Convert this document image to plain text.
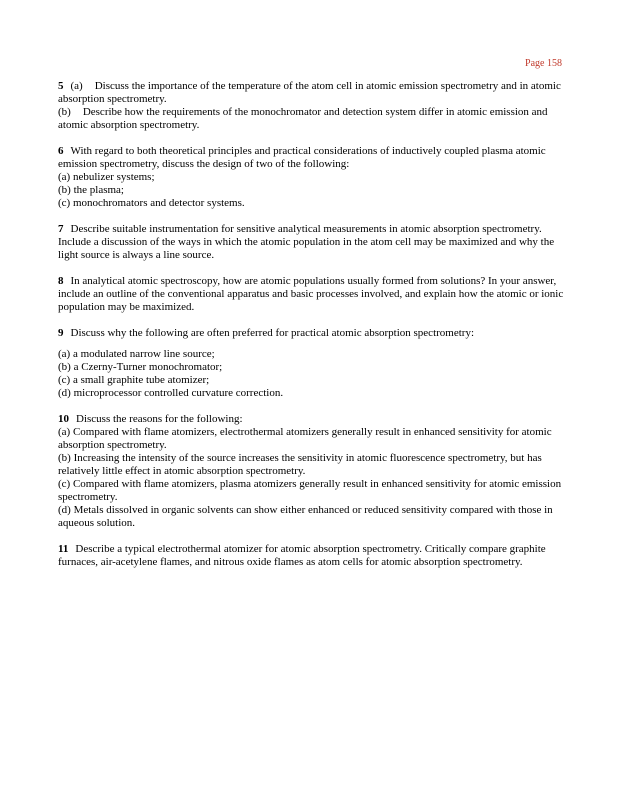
Page 158
5 (a) Discuss the importance of the temperature of the atom cell in atomic emission spectrometry and in atomic absorption spectrometry.
(b) Describe how the requirements of the monochromator and detection system differ in atomic emission and atomic absorption spectrometry.
6 With regard to both theoretical principles and practical considerations of inductively coupled plasma atomic emission spectrometry, discuss the design of two of the following:
(a) nebulizer systems;
(b) the plasma;
(c) monochromators and detector systems.
7 Describe suitable instrumentation for sensitive analytical measurements in atomic absorption spectrometry. Include a discussion of the ways in which the atomic population in the atom cell may be maximized and why the light source is always a line source.
8 In analytical atomic spectroscopy, how are atomic populations usually formed from solutions? In your answer, include an outline of the conventional apparatus and basic processes involved, and explain how the atomic or ionic population may be maximized.
9 Discuss why the following are often preferred for practical atomic absorption spectrometry:
(a) a modulated narrow line source;
(b) a Czerny-Turner monochromator;
(c) a small graphite tube atomizer;
(d) microprocessor controlled curvature correction.
10 Discuss the reasons for the following:
(a) Compared with flame atomizers, electrothermal atomizers generally result in enhanced sensitivity for atomic absorption spectrometry.
(b) Increasing the intensity of the source increases the sensitivity in atomic fluorescence spectrometry, but has relatively little effect in atomic absorption spectrometry.
(c) Compared with flame atomizers, plasma atomizers generally result in enhanced sensitivity for atomic emission spectrometry.
(d) Metals dissolved in organic solvents can show either enhanced or reduced sensitivity compared with those in aqueous solution.
11 Describe a typical electrothermal atomizer for atomic absorption spectrometry. Critically compare graphite furnaces, air-acetylene flames, and nitrous oxide flames as atom cells for atomic absorption spectrometry.
